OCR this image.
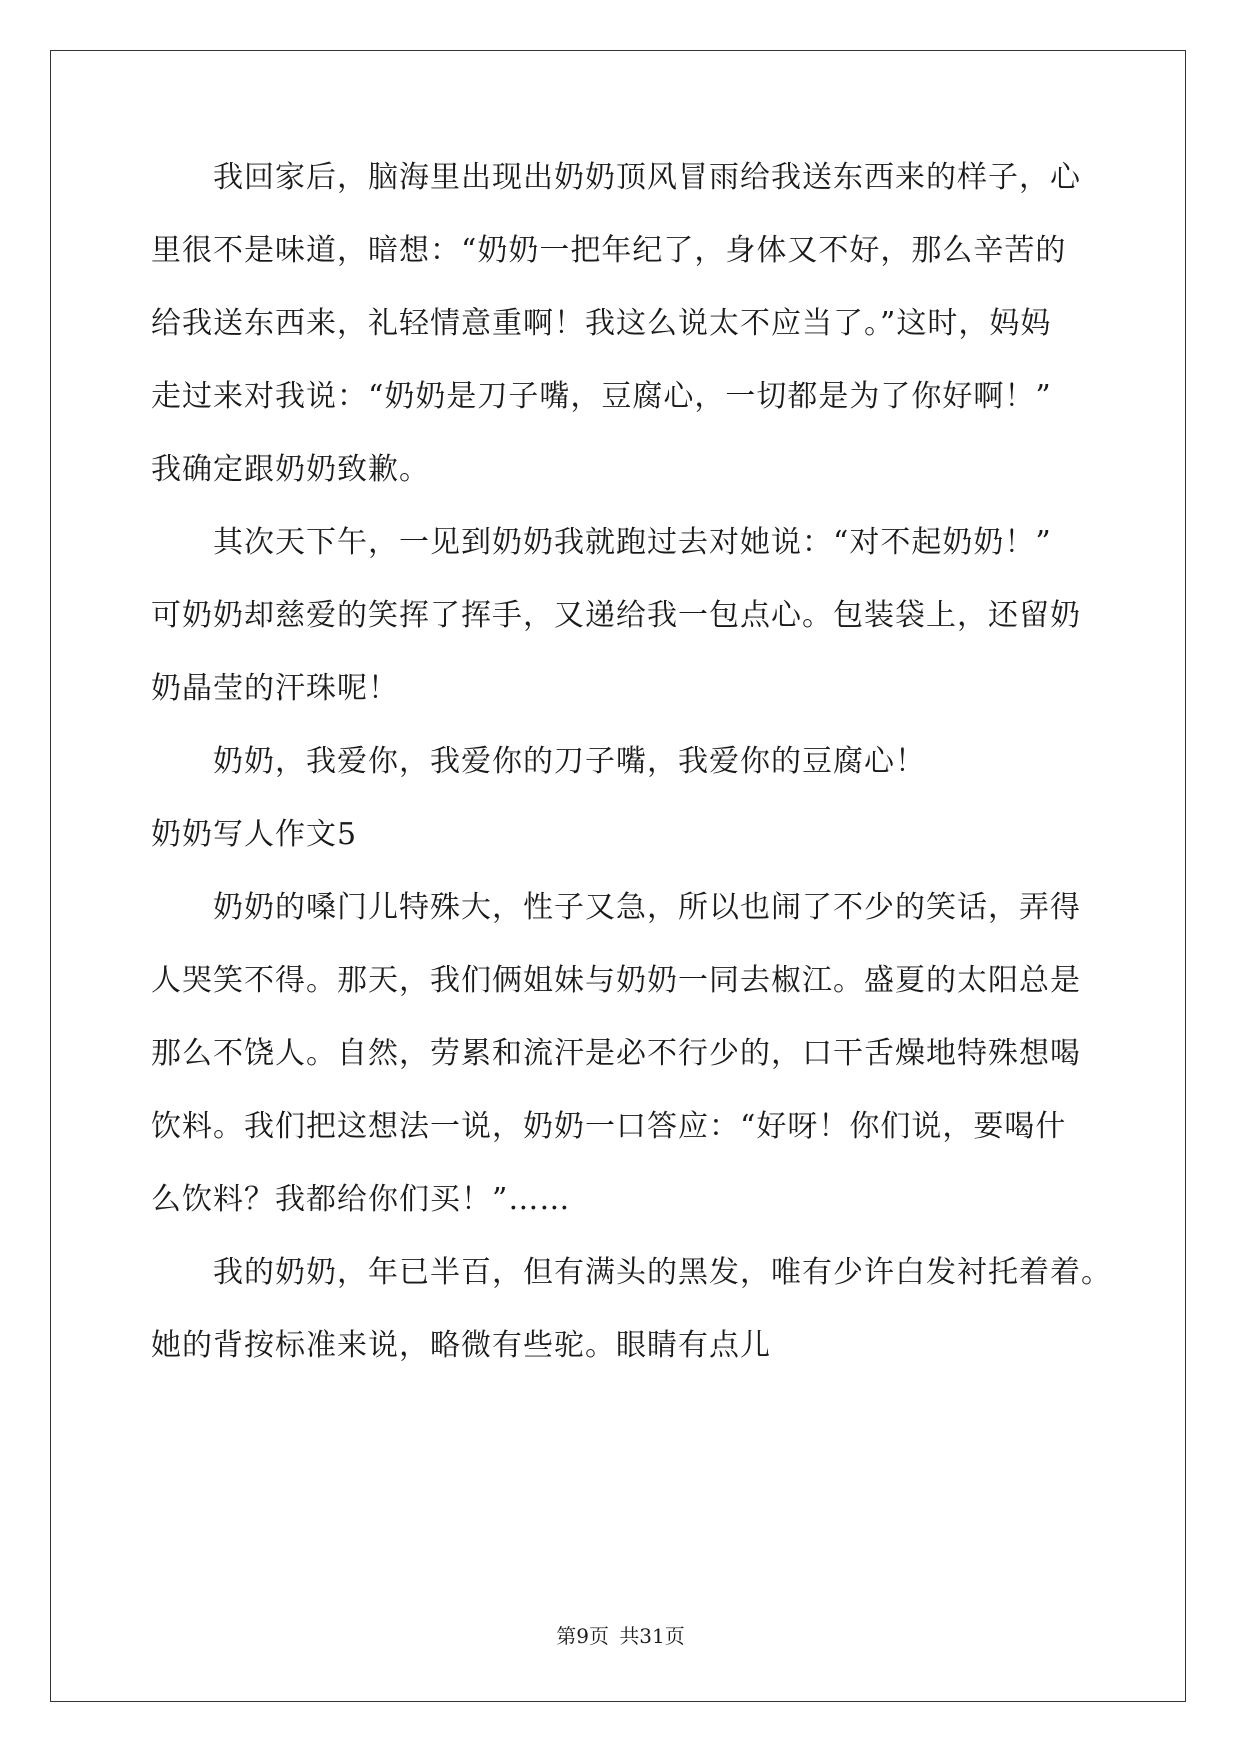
我回家后，脑海里出现出奶奶顶风冒雨给我送东西来的样子，心
里很不是味道，暗想：“奶奶一把年纪了，身体又不好，那么辛苦的
给我送东西来，礼轻情意重啊！我这么说太不应当了。”这时，妈妈
走过来对我说：“奶奶是刀子嘴，豆腐心，一切都是为了你好啊！”
我确定跟奶奶致歉。
其次天下午，一见到奶奶我就跑过去对她说：“对不起奶奶！”
可奶奶却慈爱的笑挥了挥手，又递给我一包点心。包装袋上，还留奶
奶晶莹的汗珠呢！
奶奶，我爱你，我爱你的刀子嘴，我爱你的豆腐心！
奶奶写人作文5
奶奶的嗓门儿特殊大，性子又急，所以也闹了不少的笑话，弄得
人哭笑不得。那天，我们俩姐妹与奶奶一同去椒江。盛夏的太阳总是
那么不饶人。自然，劳累和流汗是必不行少的，口干舌燥地特殊想喝
饮料。我们把这想法一说，奶奶一口答应：“好呀！你们说，要喝什
么饮料？我都给你们买！”……
我的奶奶，年已半百，但有满头的黑发，唯有少许白发衬托着着。
她的背按标准来说，略微有些驼。眼睛有点儿
第9页 共31页
